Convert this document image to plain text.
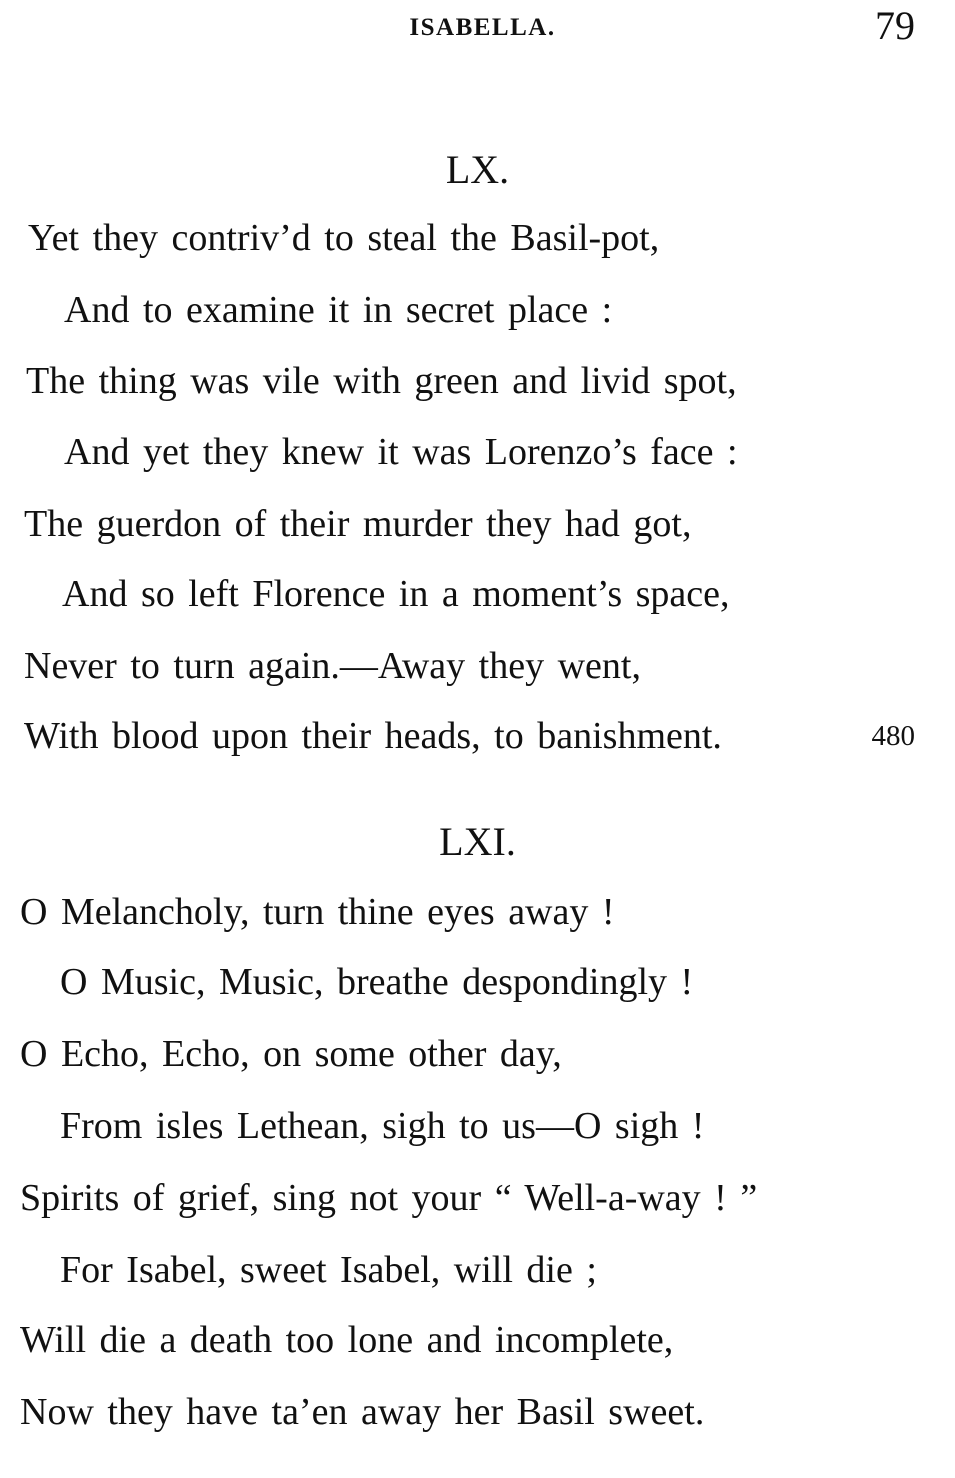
ISABELLA.	79
LX.
Yet they contriv’d to steal the Basil-pot,
And to examine it in secret place :
The thing was vile with green and livid spot,
And yet they knew it was Lorenzo’s face :
The guerdon of their murder they had got,
And so left Florence in a moment’s space,
Never to turn again.—Away they went,
With blood upon their heads, to banishment.	480
LXI.
O Melancholy, turn thine eyes away !
O Music, Music, breathe despondingly !
O Echo, Echo, on some other day,
From isles Lethean, sigh to us—O sigh !
Spirits of grief, sing not your “ Well-a-way ! ”
For Isabel, sweet Isabel, will die ;
Will die a death too lone and incomplete,
Now they have ta’en away her Basil sweet.
